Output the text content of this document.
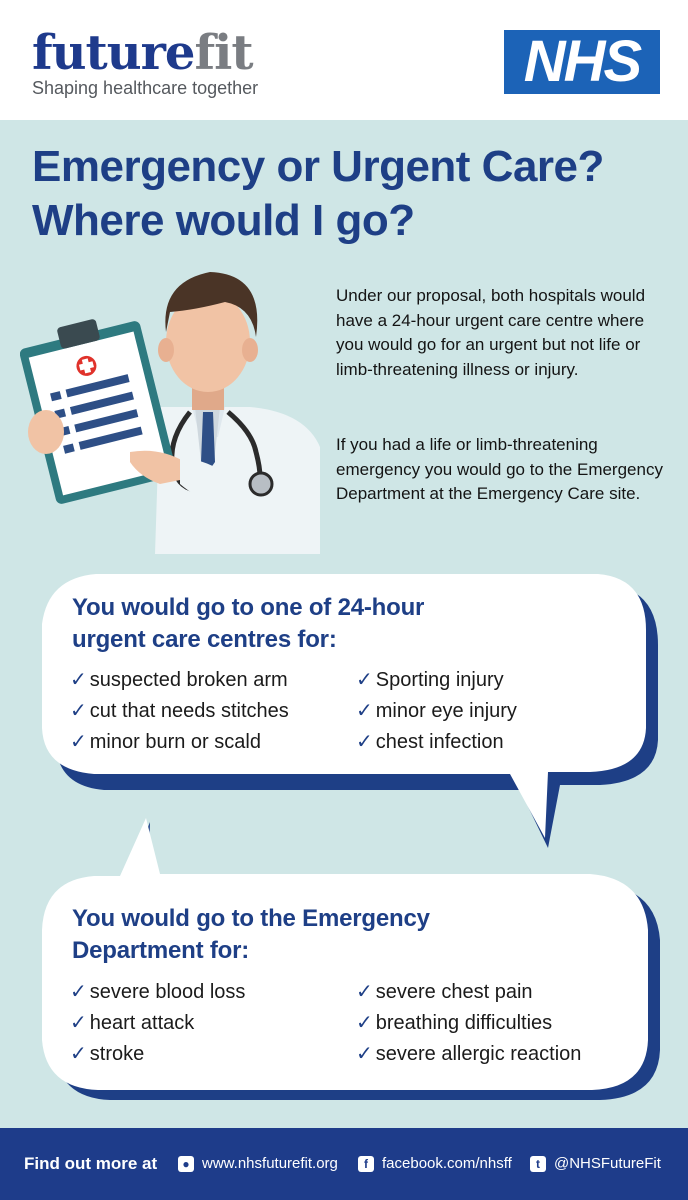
futurefit
Shaping healthcare together	NHS
Emergency or Urgent Care?
Where would I go?
Under our proposal, both hospitals would have a 24-hour urgent care centre where you would go for an urgent but not life or limb-threatening illness or injury.
If you had a life or limb-threatening emergency you would go to the Emergency Department at the Emergency Care site.
You would go to one of 24-hour
urgent care centres for:
✓ suspected broken arm
✓ cut that needs stitches
✓ minor burn or scald
✓ Sporting injury
✓ minor eye injury
✓ chest infection
You would go to the Emergency
Department for:
✓ severe blood loss
✓ heart attack
✓ stroke
✓ severe chest pain
✓ breathing difficulties
✓ severe allergic reaction
Find out more at	● www.nhsfuturefit.org	f facebook.com/nhsff	t @NHSFutureFit
